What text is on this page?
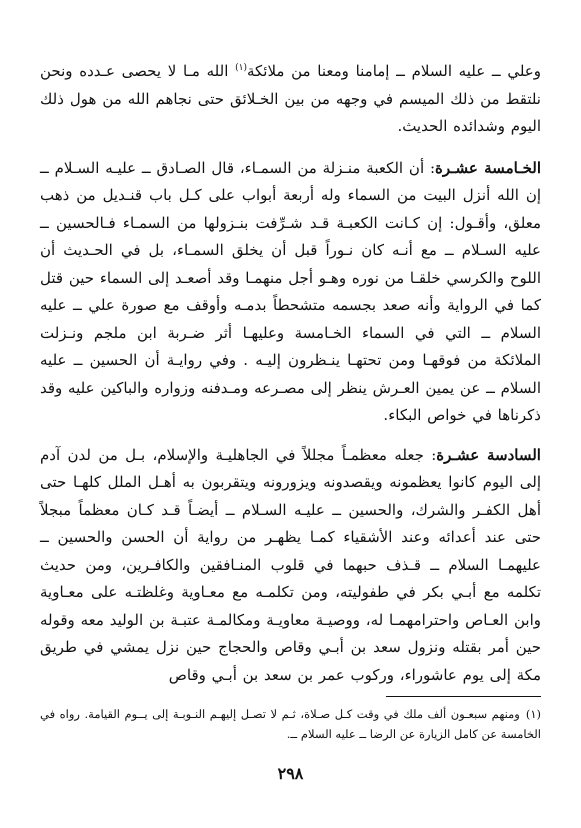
وعلي ــ عليه السلام ــ إمامنا ومعنا من ملائكة$^{(١)}$ الله مـا لا يحصى عـدده ونحن نلتقط من ذلك الميسم في وجهه من بين الخـلائق حتى نجاهم الله من هول ذلك اليوم وشدائده الحديث.

الخـامسة عشـرة: أن الكعبة منـزلة من السمـاء، قال الصـادق ــ عليـه السـلام ــ إن الله أنزل البيت من السماء وله أربعة أبواب على كـل باب قنـديل من ذهب معلق، وأقـول: إن كـانت الكعبـة قـد شـرِّفت بنـزولها من السمـاء فـالحسين ــ عليه السـلام ــ مع أنـه كان نـوراً قبل أن يخلق السمـاء، بل في الحـديث أن اللوح والكرسي خلقـا من نوره وهـو أجل منهمـا وقد أصعـد إلى السماء حين قتل كما في الرواية وأنه صعد بجسمه متشحطاً بدمـه وأوقف مع صورة علي ــ عليه السلام ــ التي في السماء الخـامسة وعليهـا أثر ضـربة ابن ملجم ونـزلت الملائكة من فوقهـا ومن تحتهـا ينـظرون إليـه . وفي روايـة أن الحسين ــ عليه السلام ــ عن يمين العـرش ينظر إلى مصـرعه ومـدفنه وزواره والباكين عليه وقد ذكرناها في خواص البكاء.

السادسة عشـرة: جعله معظمـاً مجللاً في الجاهليـة والإسلام، بـل من لدن آدم إلى اليوم كانوا يعظمونه ويقصدونه ويزورونه ويتقربون به أهـل الملل كلهـا حتى أهل الكفـر والشرك، والحسين ــ عليـه السـلام ــ أيضـاً قـد كـان معظماً مبجلاً حتى عند أعدائه وعند الأشقياء كمـا يظهـر من رواية أن الحسن والحسين ــ عليهمـا السلام ــ قـذف حبهما في قلوب المنـافقين والكافـرين، ومن حديث تكلمه مع أبـي بكر في طفوليته، ومن تكلمـه مع معـاوية وغلظتـه على معـاوية وابن العـاص واحترامهمـا له، ووصيـة معاويـة ومكالمـة عتبـة بن الوليد معه وقوله حين أمر بقتله ونزول سعد بن أبـي وقاص والحجاج حين نزل يمشي في طريق مكة إلى يوم عاشوراء، وركوب عمر بن سعد بن أبـي وقاص

(١)ومنهم سبعـون ألف ملك في وقت كـل صـلاة، ثـم لا تصـل إليهـم النـوبـة إلى يــوم القيامة. رواه في الخامسة عن كامل الزيارة عن الرضا ــ عليه السلام ــ.

٢٩٨
